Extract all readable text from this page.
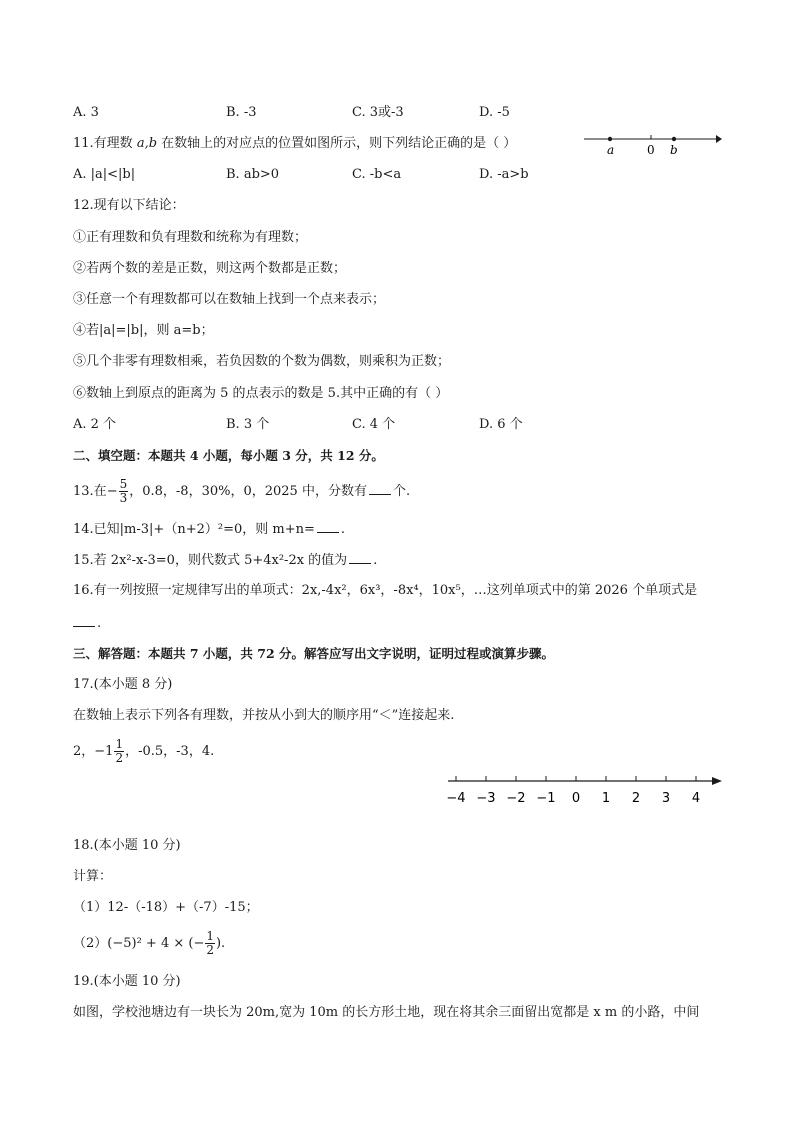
A. 3	B. -3	C. 3或-3	D. -5
11.有理数 a,b 在数轴上的对应点的位置如图所示，则下列结论正确的是（ ）	a	0 b
A. |a|<|b|	B. ab>0	C. -b<a	D. -a>b
12.现有以下结论：
①正有理数和负有理数和统称为有理数；
②若两个数的差是正数，则这两个数都是正数；
③任意一个有理数都可以在数轴上找到一个点来表示；
④若|a|=|b|，则 a=b；
⑤几个非零有理数相乘，若负因数的个数为偶数，则乘积为正数；
⑥数轴上到原点的距离为 5 的点表示的数是 5.其中正确的有（ ）
A. 2 个	B. 3 个	C. 4 个	D. 6 个
二、填空题：本题共 4 小题，每小题 3 分，共 12 分。
13.在− $\frac{5}{3}$ ，0.8，-8，30%，0，2025 中，分数有 个.
14.已知|m-3|+（n+2）²=0，则 m+n= .
15.若 2x²-x-3=0，则代数式 5+4x²-2x 的值为 .
16.有一列按照一定规律写出的单项式：2x,-4x²，6x³，-8x⁴，10x⁵，…这列单项式中的第 2026 个单项式是
.
三、解答题：本题共 7 小题，共 72 分。解答应写出文字说明，证明过程或演算步骤。
17.(本小题 8 分)
在数轴上表示下列各有理数，并按从小到大的顺序用“＜”连接起来.
2，$-1 \frac{1}{2}$ ，-0.5，-3，4.
−4 −3 −2 −1 0 1 2 3 4
18.(本小题 10 分)
计算：
（1）12-（-18）+（-7）-15；
（2）(−5)² + 4 × (− $\frac{1}{2}$ ).
19.(本小题 10 分)
如图，学校池塘边有一块长为 20m,宽为 10m 的长方形土地，现在将其余三面留出宽都是 x m 的小路，中间
